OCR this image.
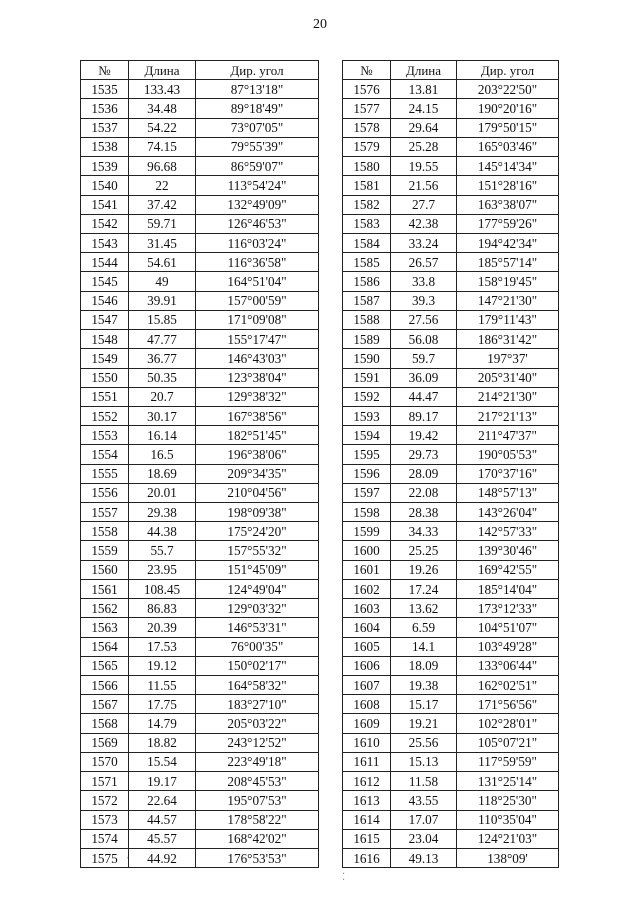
20
№	Длина	Дир. угол
1535	133.43	87°13'18"
1536	34.48	89°18'49"
1537	54.22	73°07'05"
1538	74.15	79°55'39"
1539	96.68	86°59'07"
1540	22	113°54'24"
1541	37.42	132°49'09"
1542	59.71	126°46'53"
1543	31.45	116°03'24"
1544	54.61	116°36'58"
1545	49	164°51'04"
1546	39.91	157°00'59"
1547	15.85	171°09'08"
1548	47.77	155°17'47"
1549	36.77	146°43'03"
1550	50.35	123°38'04"
1551	20.7	129°38'32"
1552	30.17	167°38'56"
1553	16.14	182°51'45"
1554	16.5	196°38'06"
1555	18.69	209°34'35"
1556	20.01	210°04'56"
1557	29.38	198°09'38"
1558	44.38	175°24'20"
1559	55.7	157°55'32"
1560	23.95	151°45'09"
1561	108.45	124°49'04"
1562	86.83	129°03'32"
1563	20.39	146°53'31"
1564	17.53	76°00'35"
1565	19.12	150°02'17"
1566	11.55	164°58'32"
1567	17.75	183°27'10"
1568	14.79	205°03'22"
1569	18.82	243°12'52"
1570	15.54	223°49'18"
1571	19.17	208°45'53"
1572	22.64	195°07'53"
1573	44.57	178°58'22"
1574	45.57	168°42'02"
1575	44.92	176°53'53"
№	Длина	Дир. угол
1576	13.81	203°22'50"
1577	24.15	190°20'16"
1578	29.64	179°50'15"
1579	25.28	165°03'46"
1580	19.55	145°14'34"
1581	21.56	151°28'16"
1582	27.7	163°38'07"
1583	42.38	177°59'26"
1584	33.24	194°42'34"
1585	26.57	185°57'14"
1586	33.8	158°19'45"
1587	39.3	147°21'30"
1588	27.56	179°11'43"
1589	56.08	186°31'42"
1590	59.7	197°37'
1591	36.09	205°31'40"
1592	44.47	214°21'30"
1593	89.17	217°21'13"
1594	19.42	211°47'37"
1595	29.73	190°05'53"
1596	28.09	170°37'16"
1597	22.08	148°57'13"
1598	28.38	143°26'04"
1599	34.33	142°57'33"
1600	25.25	139°30'46"
1601	19.26	169°42'55"
1602	17.24	185°14'04"
1603	13.62	173°12'33"
1604	6.59	104°51'07"
1605	14.1	103°49'28"
1606	18.09	133°06'44"
1607	19.38	162°02'51"
1608	15.17	171°56'56"
1609	19.21	102°28'01"
1610	25.56	105°07'21"
1611	15.13	117°59'59"
1612	11.58	131°25'14"
1613	43.55	118°25'30"
1614	17.07	110°35'04"
1615	23.04	124°21'03"
1616	49.13	138°09'
ˌ
⁚
